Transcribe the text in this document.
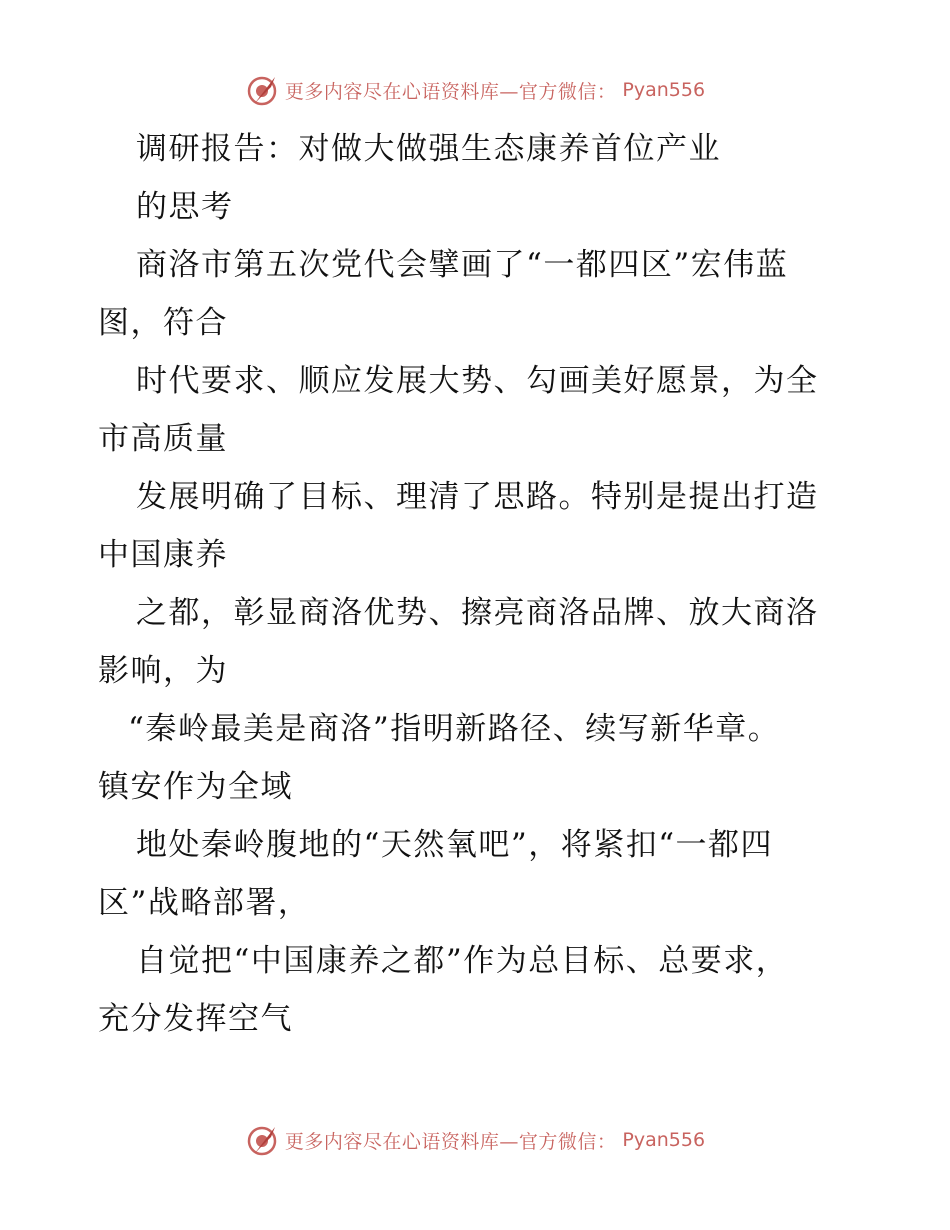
更多内容尽在心语资料库—官方微信： Pyan556
调研报告：对做大做强生态康养首位产业
的思考
商洛市第五次党代会擘画了“一都四区”宏伟蓝
图，符合
时代要求、顺应发展大势、勾画美好愿景，为全
市高质量
发展明确了目标、理清了思路。特别是提出打造
中国康养
之都，彰显商洛优势、擦亮商洛品牌、放大商洛
影响，为
“秦岭最美是商洛”指明新路径、续写新华章。
镇安作为全域
地处秦岭腹地的“天然氧吧”，将紧扣“一都四
区”战略部署，
自觉把“中国康养之都”作为总目标、总要求，
充分发挥空气
更多内容尽在心语资料库—官方微信： Pyan556
